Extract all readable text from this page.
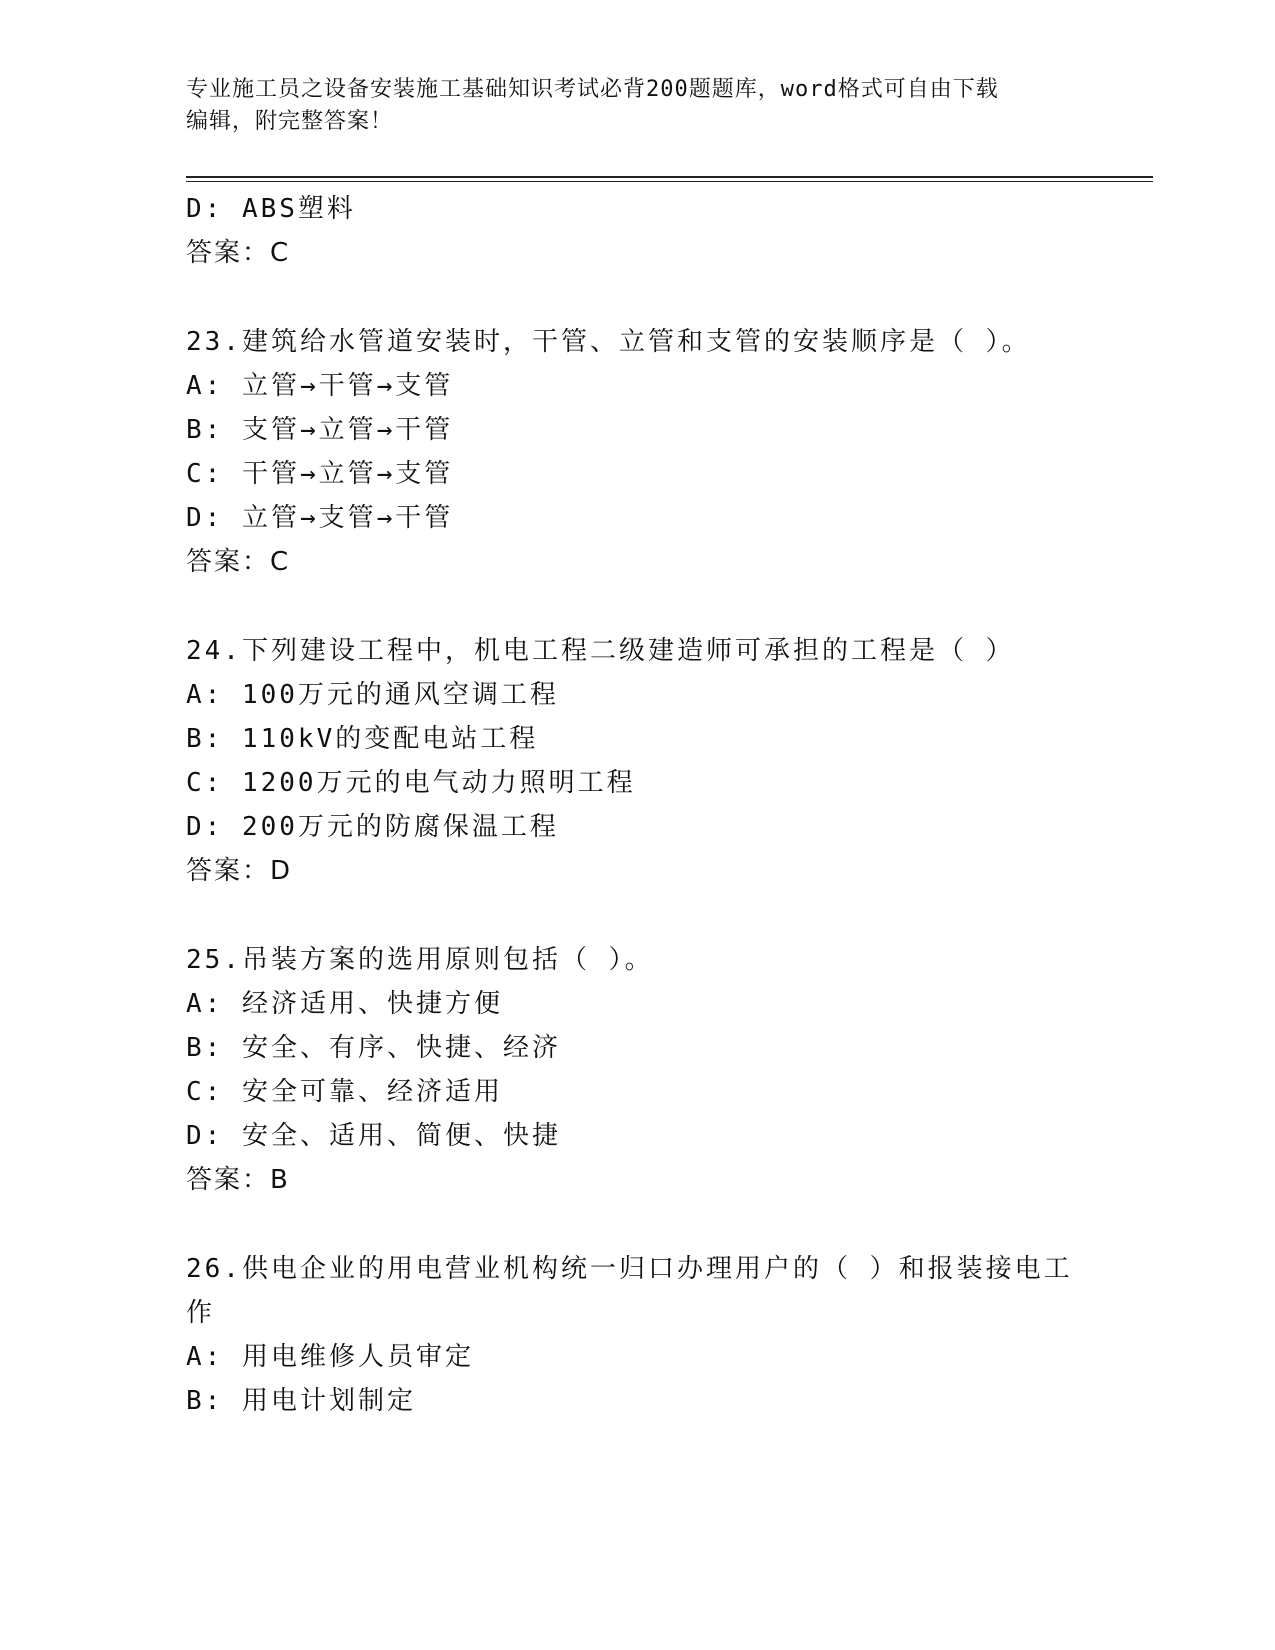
专业施工员之设备安装施工基础知识考试必背200题题库，word格式可自由下载
编辑，附完整答案！
D: ABS塑料
答案：C
23.建筑给水管道安装时，干管、立管和支管的安装顺序是（ ）。
A: 立管→干管→支管
B: 支管→立管→干管
C: 干管→立管→支管
D: 立管→支管→干管
答案：C
24.下列建设工程中，机电工程二级建造师可承担的工程是（ ）
A: 100万元的通风空调工程
B: 110kV的变配电站工程
C: 1200万元的电气动力照明工程
D: 200万元的防腐保温工程
答案：D
25.吊装方案的选用原则包括（ ）。
A: 经济适用、快捷方便
B: 安全、有序、快捷、经济
C: 安全可靠、经济适用
D: 安全、适用、简便、快捷
答案：B
26.供电企业的用电营业机构统一归口办理用户的（ ）和报装接电工
作
A: 用电维修人员审定
B: 用电计划制定
